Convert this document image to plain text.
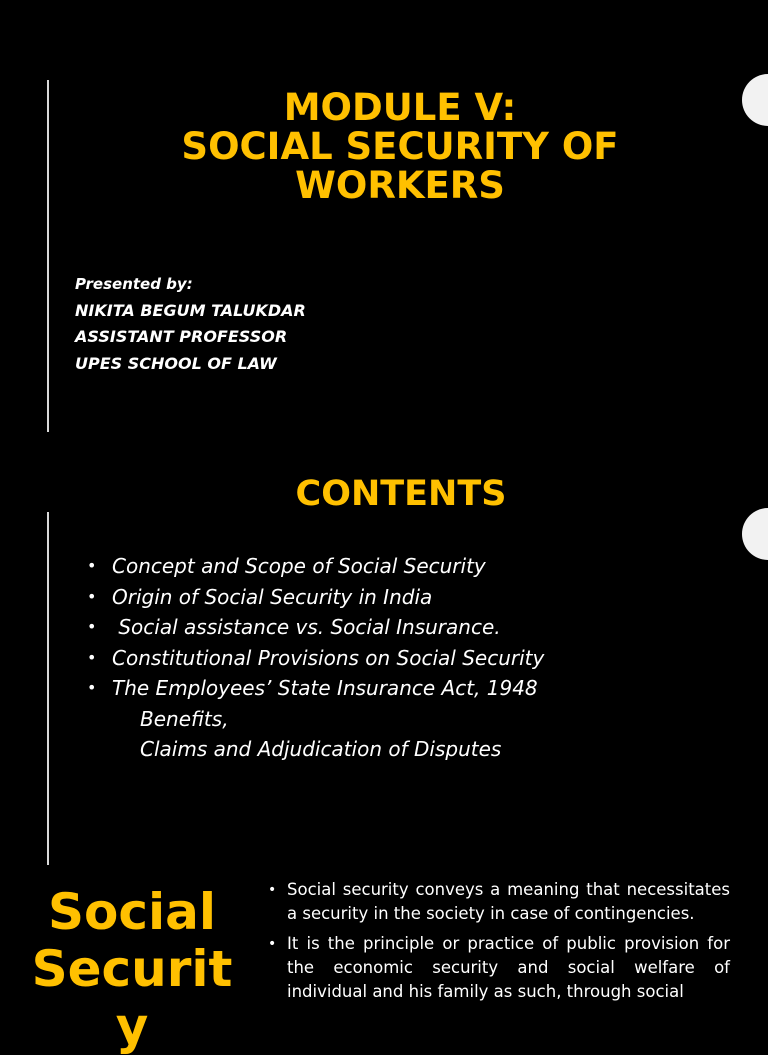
MODULE V:
SOCIAL SECURITY OF
WORKERS
Presented by:
NIKITA BEGUM TALUKDAR
ASSISTANT PROFESSOR
UPES SCHOOL OF LAW
CONTENTS
• Concept and Scope of Social Security
• Origin of Social Security in India
• Social assistance vs. Social Insurance.
• Constitutional Provisions on Social Security
• The Employees’ State Insurance Act, 1948
Benefits,
Claims and Adjudication of Disputes
Social
Securit
y
• Social security conveys a meaning that necessitates a security in the society in case of contingencies.
• It is the principle or practice of public provision for the economic security and social welfare of individual and his family as such, through social
